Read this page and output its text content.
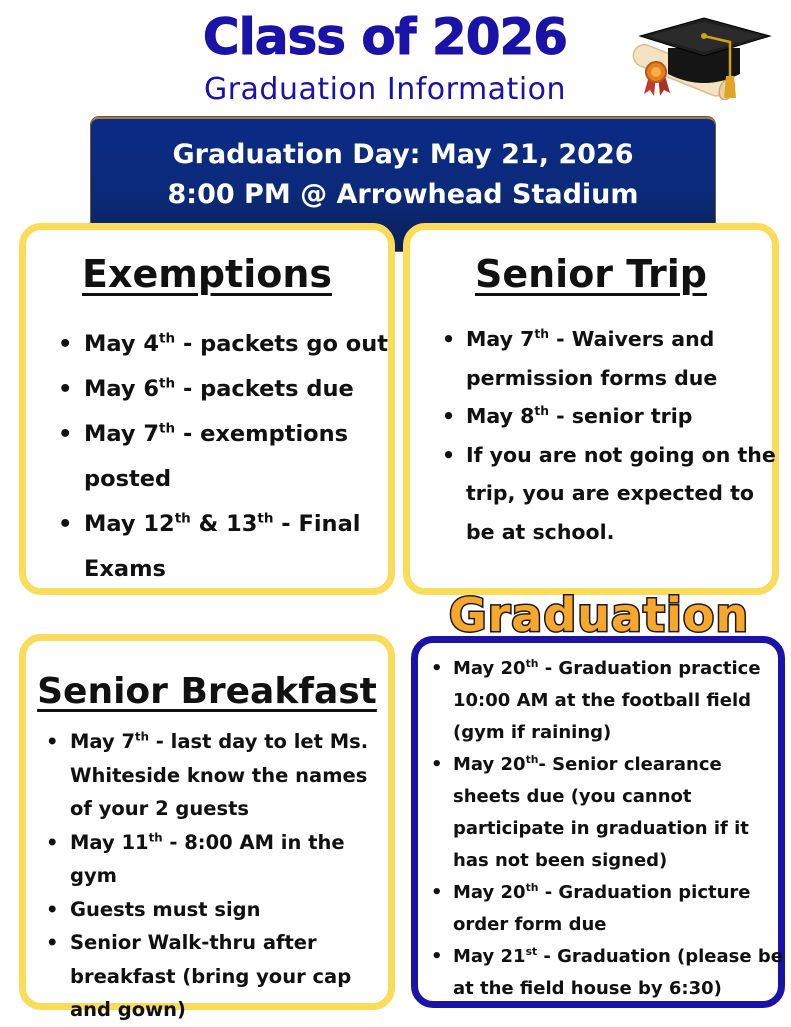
Class of 2026
Graduation Information
Graduation Day: May 21, 2026
8:00 PM @ Arrowhead Stadium
Exemptions
• May 4th - packets go out
• May 6th - packets due
• May 7th - exemptions posted
• May 12th & 13th - Final Exams
Senior Trip
• May 7th - Waivers and permission forms due
• May 8th - senior trip
• If you are not going on the trip, you are expected to be at school.
Senior Breakfast
• May 7th - last day to let Ms. Whiteside know the names of your 2 guests
• May 11th - 8:00 AM in the gym
• Guests must sign
• Senior Walk-thru after breakfast (bring your cap and gown)
• May 20th - Graduation practice 10:00 AM at the football field (gym if raining)
• May 20th- Senior clearance sheets due (you cannot participate in graduation if it has not been signed)
• May 20th - Graduation picture order form due
• May 21st - Graduation (please be at the field house by 6:30)
Graduation
